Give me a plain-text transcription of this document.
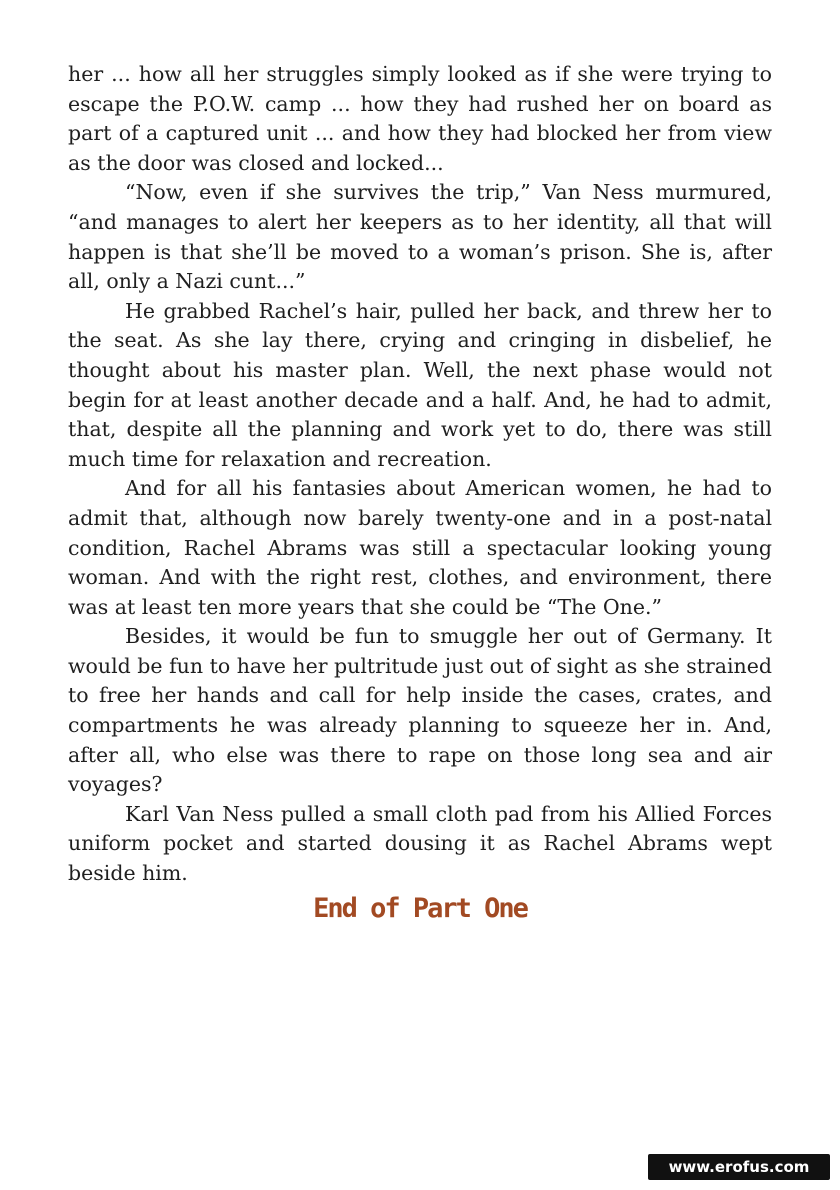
her ... how all her struggles simply looked as if she were trying to escape the P.O.W. camp ... how they had rushed her on board as part of a captured unit ... and how they had blocked her from view as the door was closed and locked...

“Now, even if she survives the trip,” Van Ness murmured, “and manages to alert her keepers as to her identity, all that will happen is that she’ll be moved to a woman’s prison. She is, after all, only a Nazi cunt...”

He grabbed Rachel’s hair, pulled her back, and threw her to the seat. As she lay there, crying and cringing in disbelief, he thought about his master plan. Well, the next phase would not begin for at least another decade and a half. And, he had to admit, that, despite all the planning and work yet to do, there was still much time for relaxation and recreation.

And for all his fantasies about American women, he had to admit that, although now barely twenty-one and in a post-natal condition, Rachel Abrams was still a spectacular looking young woman. And with the right rest, clothes, and environment, there was at least ten more years that she could be “The One.”

Besides, it would be fun to smuggle her out of Germany. It would be fun to have her pultritude just out of sight as she strained to free her hands and call for help inside the cases, crates, and compartments he was already planning to squeeze her in. And, after all, who else was there to rape on those long sea and air voyages?

Karl Van Ness pulled a small cloth pad from his Allied Forces uniform pocket and started dousing it as Rachel Abrams wept beside him.

End of Part One
www.erofus.com
